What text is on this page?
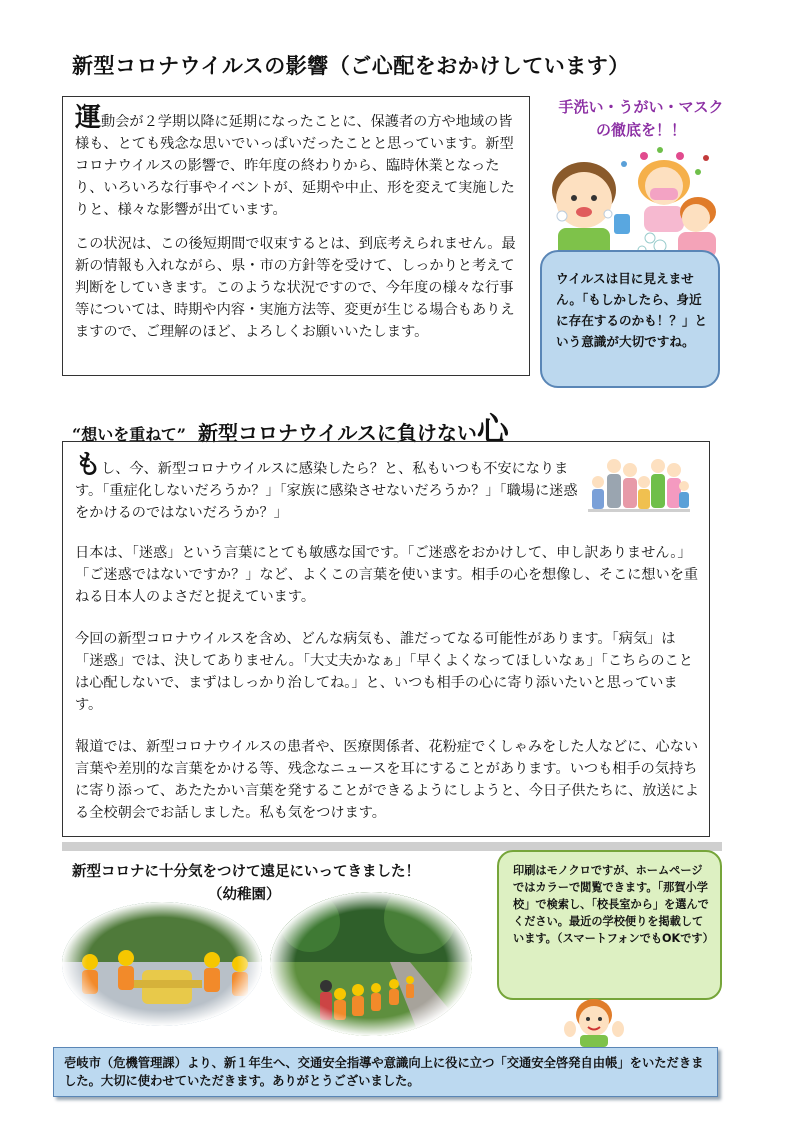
新型コロナウイルスの影響（ご心配をおかけしています）

運動会が２学期以降に延期になったことに、保護者の方や地域の皆様も、とても残念な思いでいっぱいだったことと思っています。新型コロナウイルスの影響で、昨年度の終わりから、臨時休業となったり、いろいろな行事やイベントが、延期や中止、形を変えて実施したりと、様々な影響が出ています。

この状況は、この後短期間で収束するとは、到底考えられません。最新の情報も入れながら、県・市の方針等を受けて、しっかりと考えて判断をしていきます。このような状況ですので、今年度の様々な行事等については、時期や内容・実施方法等、変更が生じる場合もありえますので、ご理解のほど、よろしくお願いいたします。

手洗い・うがい・マスク
の徹底を！！
ウイルスは目に見えません。「もしかしたら、身近に存在するのかも！？」という意識が大切ですね。
“想いを重ねて” 新型コロナウイルスに負けない心

もし、今、新型コロナウイルスに感染したら？と、私もいつも不安になります。「重症化しないだろうか？」「家族に感染させないだろうか？」「職場に迷惑をかけるのではないだろうか？」

日本は、「迷惑」という言葉にとても敏感な国です。「ご迷惑をおかけして、申し訳ありません。」「ご迷惑ではないですか？」など、よくこの言葉を使います。相手の心を想像し、そこに想いを重ねる日本人のよさだと捉えています。

今回の新型コロナウイルスを含め、どんな病気も、誰だってなる可能性があります。「病気」は「迷惑」では、決してありません。「大丈夫かなぁ」「早くよくなってほしいなぁ」「こちらのことは心配しないで、まずはしっかり治してね。」と、いつも相手の心に寄り添いたいと思っています。

報道では、新型コロナウイルスの患者や、医療関係者、花粉症でくしゃみをした人などに、心ない言葉や差別的な言葉をかける等、残念なニュースを耳にすることがあります。いつも相手の気持ちに寄り添って、あたたかい言葉を発することができるようにしようと、今日子供たちに、放送による全校朝会でお話しました。私も気をつけます。

新型コロナに十分気をつけて遠足にいってきました！
（幼稚園）
印刷はモノクロですが、ホームページではカラーで閲覧できます。「那賀小学校」で検索し、「校長室から」を選んでください。最近の学校便りを掲載しています。（スマートフォンでもOKです）
壱岐市（危機管理課）より、新１年生へ、交通安全指導や意識向上に役に立つ「交通安全啓発自由帳」をいただきました。大切に使わせていただきます。ありがとうございました。
